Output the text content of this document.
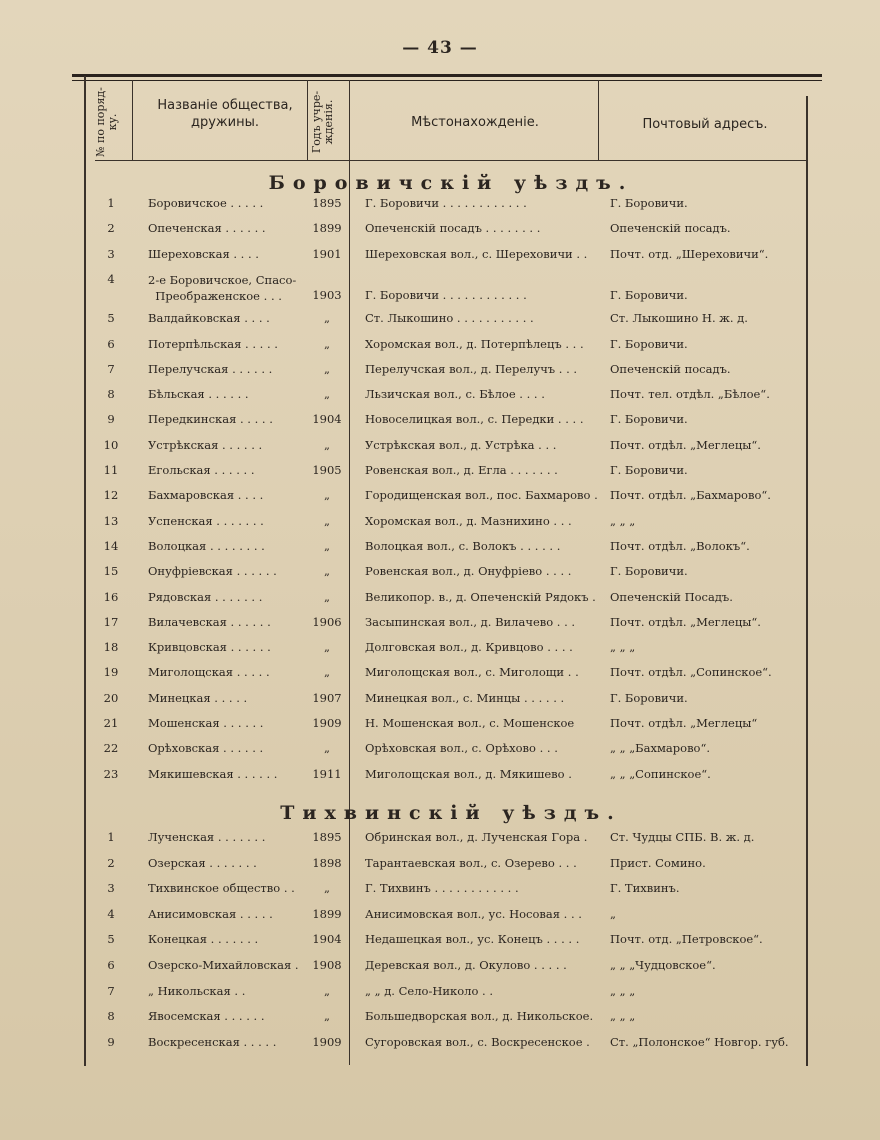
— 43 —
№ по поряд-
ку.
Названіе общества,
дружины.
Годъ учре-
жденія.	Мѣстонахожденіе.	Почтовый адресъ.
Боровичскій уѣздъ.
1	Боровичское . . . . .	1895	Г. Боровичи . . . . . . . . . . . .	Г. Боровичи.
2	Опеченская . . . . . .	1899	Опеченскій посадъ . . . . . . . .	Опеченскій посадъ.
3	Шереховская . . . .	1901	Шереховская вол., с. Шереховичи . .	Почт. отд. „Шереховичи“.
4	2-е Боровичское, Спасо-
Преображенское . . .	1903	Г. Боровичи . . . . . . . . . . . .	Г. Боровичи.
5	Валдайковская . . . .	„	Ст. Лыкошино . . . . . . . . . . .	Ст. Лыкошино Н. ж. д.
6	Потерпѣльская . . . . .	„	Хоромская вол., д. Потерпѣлецъ . . .	Г. Боровичи.
7	Перелучская . . . . . .	„	Перелучская вол., д. Перелучъ . . .	Опеченскій посадъ.
8	Бѣльская . . . . . .	„	Льзичская вол., с. Бѣлое . . . .	Почт. тел. отдѣл. „Бѣлое“.
9	Передкинская . . . . .	1904	Новоселицкая вол., с. Передки . . . .	Г. Боровичи.
10	Устрѣкская . . . . . .	„	Устрѣкская вол., д. Устрѣка . . .	Почт. отдѣл. „Меглецы“.
11	Егольская . . . . . .	1905	Ровенская вол., д. Егла . . . . . . .	Г. Боровичи.
12	Бахмаровская . . . .	„	Городищенская вол., пос. Бахмарово .	Почт. отдѣл. „Бахмарово“.
13	Успенская . . . . . . .	„	Хоромская вол., д. Мазнихино . . .	„ „ „
14	Волоцкая . . . . . . . .	„	Волоцкая вол., с. Волокъ . . . . . .	Почт. отдѣл. „Волокъ“.
15	Онуфріевская . . . . . .	„	Ровенская вол., д. Онуфріево . . . .	Г. Боровичи.
16	Рядовская . . . . . . .	„	Великопор. в., д. Опеченскій Рядокъ .	Опеченскій Посадъ.
17	Вилачевская . . . . . .	1906	Засыпинская вол., д. Вилачево . . .	Почт. отдѣл. „Меглецы“.
18	Кривцовская . . . . . .	„	Долговская вол., д. Кривцово . . . .	„ „ „
19	Миголощская . . . . .	„	Миголощская вол., с. Миголощи . .	Почт. отдѣл. „Сопинское“.
20	Минецкая . . . . .	1907	Минецкая вол., с. Минцы . . . . . .	Г. Боровичи.
21	Мошенская . . . . . .	1909	Н. Мошенская вол., с. Мошенское	Почт. отдѣл. „Меглецы“
22	Орѣховская . . . . . .	„	Орѣховская вол., с. Орѣхово . . .	„ „ „Бахмарово“.
23	Мякишевская . . . . . .	1911	Миголощская вол., д. Мякишево .	„ „ „Сопинское“.
Тихвинскій уѣздъ.
1	Лученская . . . . . . .	1895	Обринская вол., д. Лученская Гора .	Ст. Чудцы СПБ. В. ж. д.
2	Озерская . . . . . . .	1898	Тарантаевская вол., с. Озерево . . .	Прист. Сомино.
3	Тихвинское общество . .	„	Г. Тихвинъ . . . . . . . . . . . .	Г. Тихвинъ.
4	Анисимовская . . . . .	1899	Анисимовская вол., ус. Носовая . . .	„
5	Конецкая . . . . . . .	1904	Недашецкая вол., ус. Конецъ . . . . .	Почт. отд. „Петровское“.
6	Озерско-Михайловская .	1908	Деревская вол., д. Окулово . . . . .	„ „ „Чудцовское“.
7	„ Никольская . .	„	„ „ д. Село-Николо . .	„ „ „
8	Явосемская . . . . . .	„	Большедворская вол., д. Никольское.	„ „ „
9	Воскресенская . . . . .	1909	Сугоровская вол., с. Воскресенское .	Ст. „Полонское“ Новгор. губ.
